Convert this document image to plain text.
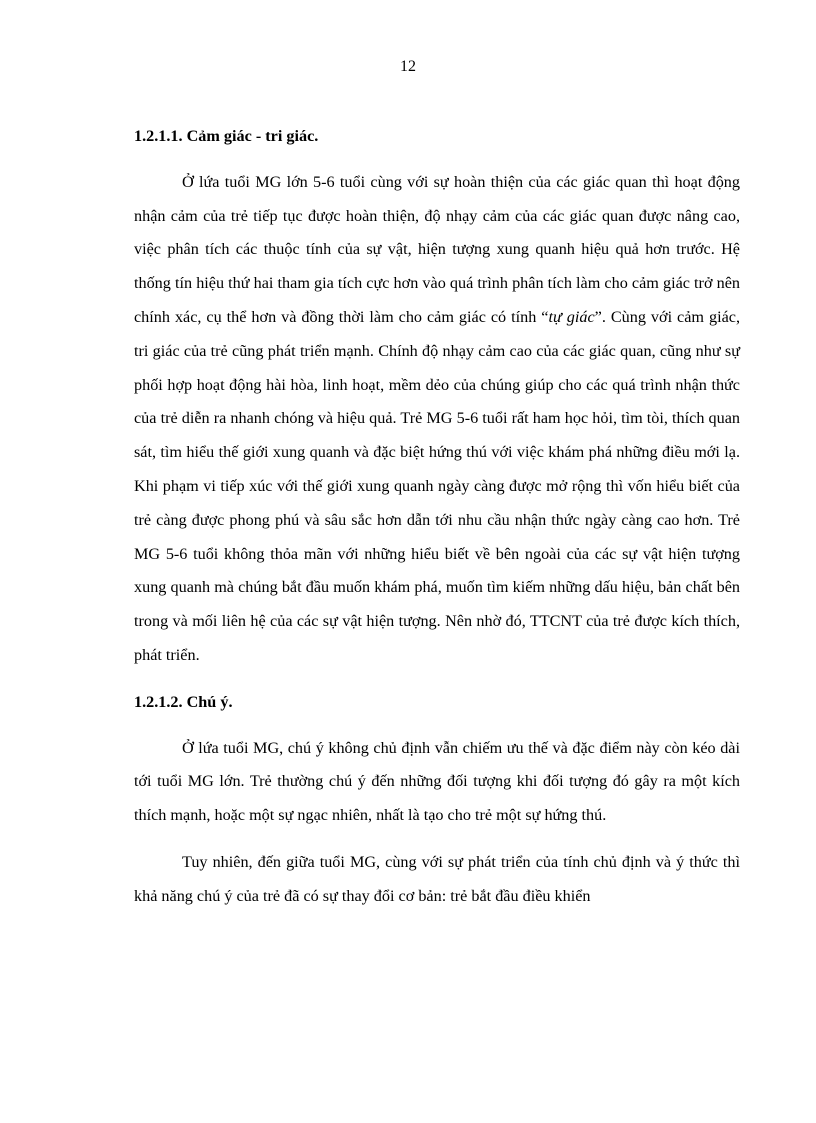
12

1.2.1.1. Cảm giác - tri giác.

Ở lứa tuổi MG lớn 5-6 tuổi cùng với sự hoàn thiện của các giác quan thì hoạt động nhận cảm của trẻ tiếp tục được hoàn thiện, độ nhạy cảm của các giác quan được nâng cao, việc phân tích các thuộc tính của sự vật, hiện tượng xung quanh hiệu quả hơn trước. Hệ thống tín hiệu thứ hai tham gia tích cực hơn vào quá trình phân tích làm cho cảm giác trở nên chính xác, cụ thể hơn và đồng thời làm cho cảm giác có tính “tự giác”. Cùng với cảm giác, tri giác của trẻ cũng phát triển mạnh. Chính độ nhạy cảm cao của các giác quan, cũng như sự phối hợp hoạt động hài hòa, linh hoạt, mềm dẻo của chúng giúp cho các quá trình nhận thức của trẻ diễn ra nhanh chóng và hiệu quả. Trẻ MG 5-6 tuổi rất ham học hỏi, tìm tòi, thích quan sát, tìm hiểu thế giới xung quanh và đặc biệt hứng thú với việc khám phá những điều mới lạ. Khi phạm vi tiếp xúc với thế giới xung quanh ngày càng được mở rộng thì vốn hiểu biết của trẻ càng được phong phú và sâu sắc hơn dẫn tới nhu cầu nhận thức ngày càng cao hơn. Trẻ MG 5-6 tuổi không thỏa mãn với những hiểu biết về bên ngoài của các sự vật hiện tượng xung quanh mà chúng bắt đầu muốn khám phá, muốn tìm kiếm những dấu hiệu, bản chất bên trong và mối liên hệ của các sự vật hiện tượng. Nên nhờ đó, TTCNT của trẻ được kích thích, phát triển.

1.2.1.2. Chú ý.

Ở lứa tuổi MG, chú ý không chủ định vẫn chiếm ưu thế và đặc điểm này còn kéo dài tới tuổi MG lớn. Trẻ thường chú ý đến những đối tượng khi đối tượng đó gây ra một kích thích mạnh, hoặc một sự ngạc nhiên, nhất là tạo cho trẻ một sự hứng thú.

Tuy nhiên, đến giữa tuổi MG, cùng với sự phát triển của tính chủ định và ý thức thì khả năng chú ý của trẻ đã có sự thay đổi cơ bản: trẻ bắt đầu điều khiển
